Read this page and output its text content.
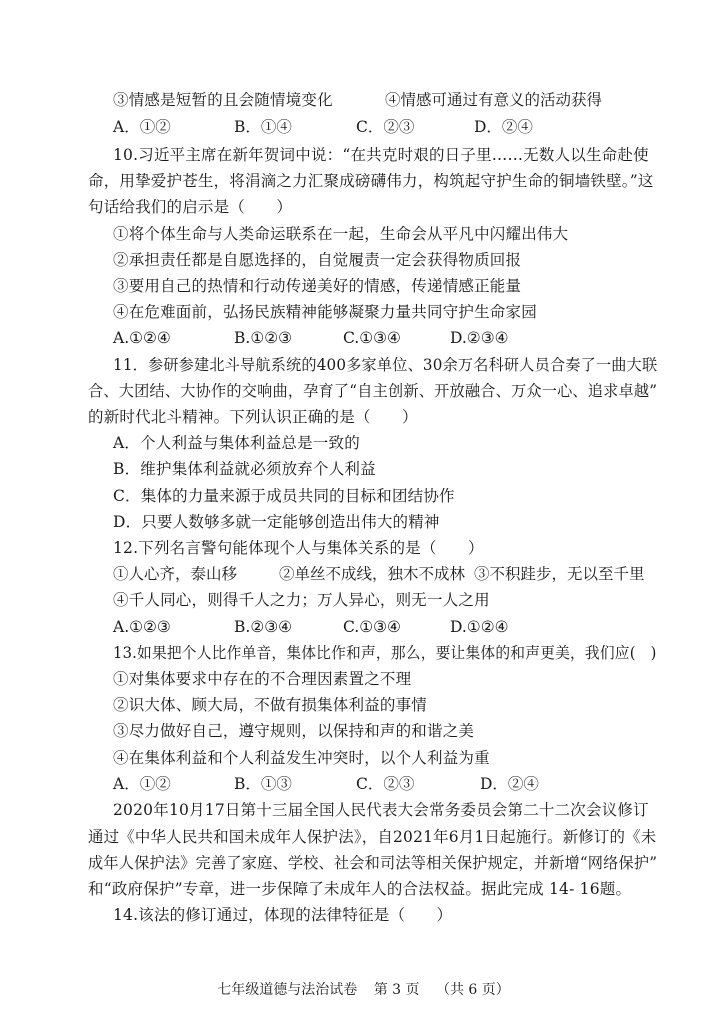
③情感是短暂的且会随情境变化	④情感可通过有意义的活动获得
A．①②	B．①④	C．②③	D．②④
10.习近平主席在新年贺词中说：“在共克时艰的日子里……无数人以生命赴使
命，用挚爱护苍生，将涓滴之力汇聚成磅礴伟力，构筑起守护生命的铜墙铁壁。”这
句话给我们的启示是（　　）
①将个体生命与人类命运联系在一起，生命会从平凡中闪耀出伟大
②承担责任都是自愿选择的，自觉履责一定会获得物质回报
③要用自己的热情和行动传递美好的情感，传递情感正能量
④在危难面前，弘扬民族精神能够凝聚力量共同守护生命家园
A.①②④	B.①②③	C.①③④	D.②③④
11．参研参建北斗导航系统的400多家单位、30余万名科研人员合奏了一曲大联
合、大团结、大协作的交响曲，孕育了“自主创新、开放融合、万众一心、追求卓越”
的新时代北斗精神。下列认识正确的是（　　）
A．个人利益与集体利益总是一致的
B．维护集体利益就必须放弃个人利益
C．集体的力量来源于成员共同的目标和团结协作
D．只要人数够多就一定能够创造出伟大的精神
12.下列名言警句能体现个人与集体关系的是（　　）
①人心齐，泰山移	②单丝不成线，独木不成林 ③不积跬步，无以至千里
④千人同心，则得千人之力；万人异心，则无一人之用
A.①②③	B.②③④	C.①③④	D.①②④
13.如果把个人比作单音，集体比作和声，那么，要让集体的和声更美，我们应(　)
①对集体要求中存在的不合理因素置之不理
②识大体、顾大局，不做有损集体利益的事情
③尽力做好自己，遵守规则，以保持和声的和谐之美
④在集体利益和个人利益发生冲突时，以个人利益为重
A．①②	B．①③	C．②③	D．②④
2020年10月17日第十三届全国人民代表大会常务委员会第二十二次会议修订
通过《中华人民共和国未成年人保护法》，自2021年6月1日起施行。新修订的《未
成年人保护法》完善了家庭、学校、社会和司法等相关保护规定，并新增“网络保护”
和“政府保护”专章，进一步保障了未成年人的合法权益。据此完成 14- 16题。
14.该法的修订通过，体现的法律特征是（　　）
七年级道德与法治试卷 第 3 页 （共 6 页）
